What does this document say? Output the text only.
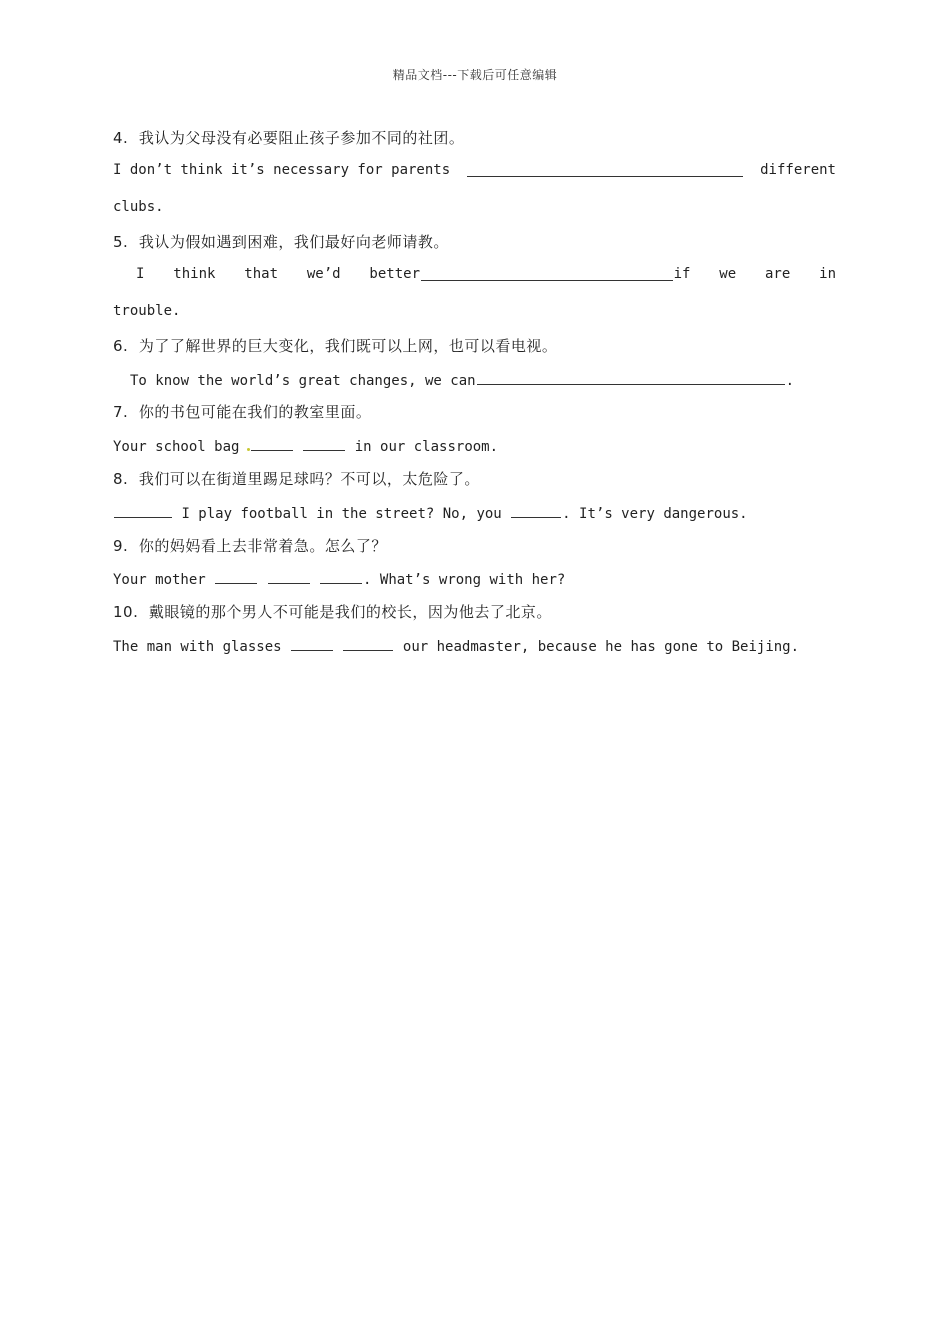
精品文档---下载后可任意编辑
4.  我认为父母没有必要阻止孩子参加不同的社团。
I don’t think it’s necessary for parents	different
clubs.
5.  我认为假如遇到困难，我们最好向老师请教。
I  think  that  we’d  better	if  we  are  in
trouble.
6.  为了了解世界的巨大变化，我们既可以上网，也可以看电视。
To know the world’s great changes, we can	.
7.  你的书包可能在我们的教室里面。
Your school bag	in our classroom.
8.  我们可以在街道里踢足球吗？不可以，太危险了。
I play football in the street? No, you	. It’s very dangerous.
9.  你的妈妈看上去非常着急。怎么了？
Your mother	. What’s wrong with her?
10.  戴眼镜的那个男人不可能是我们的校长，因为他去了北京。
The man with glasses	our headmaster, because he has gone to Beijing.
